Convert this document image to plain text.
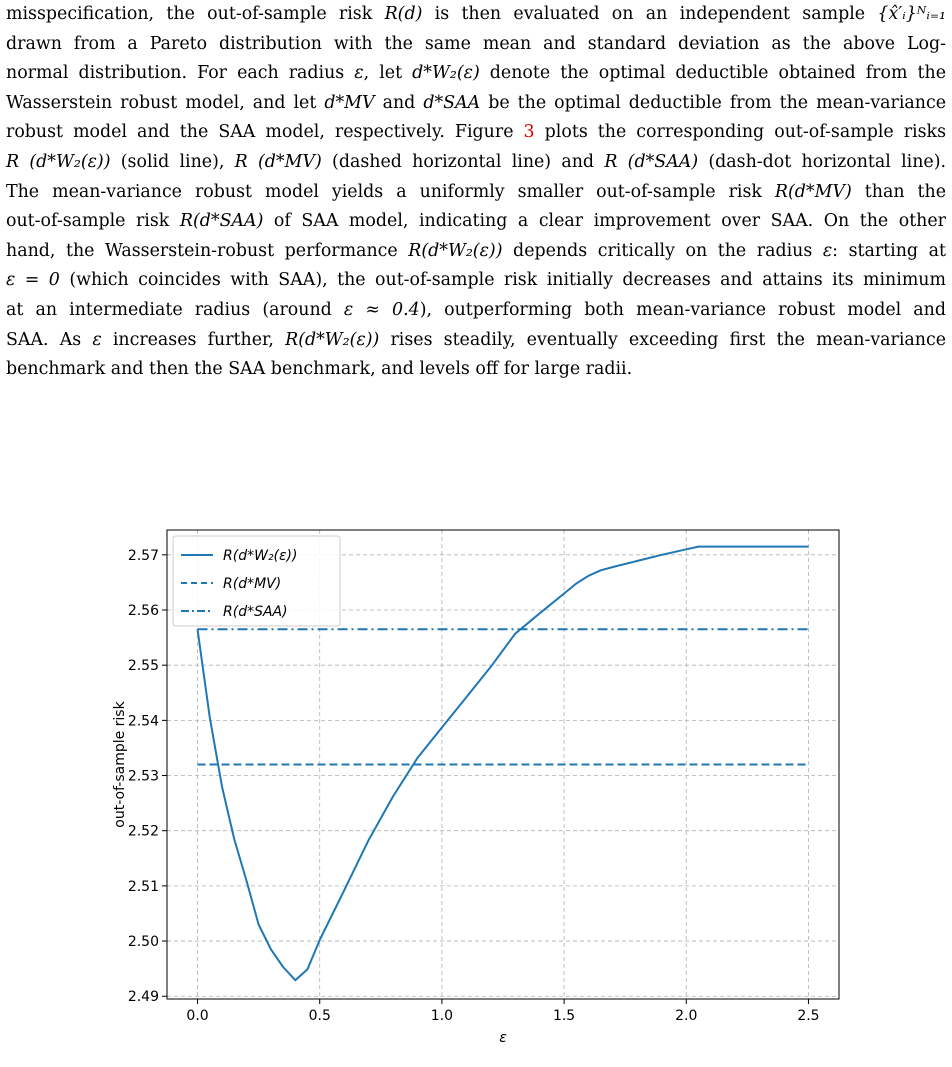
misspecification, the out-of-sample risk R(d) is then evaluated on an independent sample {x̂′ᵢ}ᴺᵢ₌₁
drawn from a Pareto distribution with the same mean and standard deviation as the above Log-
normal distribution. For each radius ε, let d*W₂(ε) denote the optimal deductible obtained from the
Wasserstein robust model, and let d*MV and d*SAA be the optimal deductible from the mean-variance
robust model and the SAA model, respectively. Figure 3 plots the corresponding out-of-sample risks
R (d*W₂(ε)) (solid line), R (d*MV) (dashed horizontal line) and R (d*SAA) (dash-dot horizontal line).
The mean-variance robust model yields a uniformly smaller out-of-sample risk R(d*MV) than the
out-of-sample risk R(d*SAA) of SAA model, indicating a clear improvement over SAA. On the other
hand, the Wasserstein-robust performance R(d*W₂(ε)) depends critically on the radius ε: starting at
ε = 0 (which coincides with SAA), the out-of-sample risk initially decreases and attains its minimum
at an intermediate radius (around ε ≈ 0.4), outperforming both mean-variance robust model and
SAA. As ε increases further, R(d*W₂(ε)) rises steadily, eventually exceeding first the mean-variance
benchmark and then the SAA benchmark, and levels off for large radii.
0.0	0.5	1.0	1.5	2.0	2.5
2.49
2.50
2.51
2.52
2.53
2.54
2.55
2.56
2.57
ε
out-of-sample risk
R(d*W₂(ε))
R(d*MV)
R(d*SAA)
